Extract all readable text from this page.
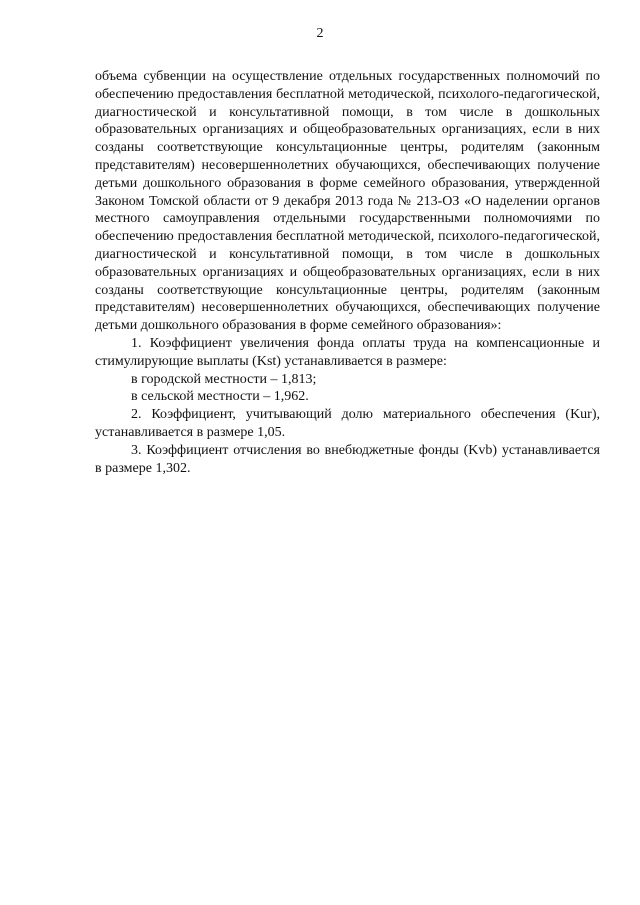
2

объема субвенции на осуществление отдельных государственных полномочий по обеспечению предоставления бесплатной методической, психолого-педагогической, диагностической и консультативной помощи, в том числе в дошкольных образовательных организациях и общеобразовательных организациях, если в них созданы соответствующие консультационные центры, родителям (законным представителям) несовершеннолетних обучающихся, обеспечивающих получение детьми дошкольного образования в форме семейного образования, утвержденной Законом Томской области от 9 декабря 2013 года № 213-ОЗ «О наделении органов местного самоуправления отдельными государственными полномочиями по обеспечению предоставления бесплатной методической, психолого-педагогической, диагностической и консультативной помощи, в том числе в дошкольных образовательных организациях и общеобразовательных организациях, если в них созданы соответствующие консультационные центры, родителям (законным представителям) несовершеннолетних обучающихся, обеспечивающих получение детьми дошкольного образования в форме семейного образования»:

1. Коэффициент увеличения фонда оплаты труда на компенсационные и стимулирующие выплаты (Kst) устанавливается в размере:

в городской местности – 1,813;

в сельской местности – 1,962.

2. Коэффициент, учитывающий долю материального обеспечения (Kur), устанавливается в размере 1,05.

3. Коэффициент отчисления во внебюджетные фонды (Kvb) устанавливается в размере 1,302.
